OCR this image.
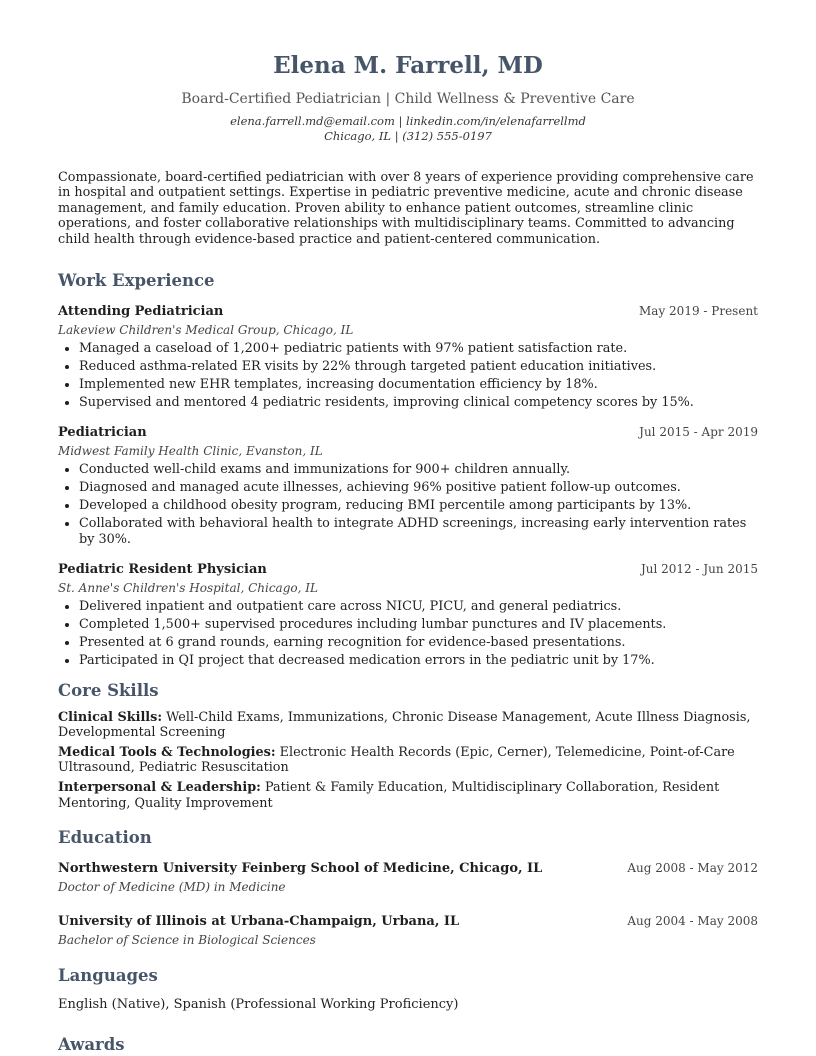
Elena M. Farrell, MD
Board-Certified Pediatrician | Child Wellness & Preventive Care
elena.farrell.md@email.com | linkedin.com/in/elenafarrellmd
Chicago, IL | (312) 555-0197
Compassionate, board-certified pediatrician with over 8 years of experience providing comprehensive care in hospital and outpatient settings. Expertise in pediatric preventive medicine, acute and chronic disease management, and family education. Proven ability to enhance patient outcomes, streamline clinic operations, and foster collaborative relationships with multidisciplinary teams. Committed to advancing child health through evidence-based practice and patient-centered communication.
Work Experience
Attending Pediatrician	May 2019 - Present
Lakeview Children's Medical Group, Chicago, IL
• Managed a caseload of 1,200+ pediatric patients with 97% patient satisfaction rate.
• Reduced asthma-related ER visits by 22% through targeted patient education initiatives.
• Implemented new EHR templates, increasing documentation efficiency by 18%.
• Supervised and mentored 4 pediatric residents, improving clinical competency scores by 15%.
Pediatrician	Jul 2015 - Apr 2019
Midwest Family Health Clinic, Evanston, IL
• Conducted well-child exams and immunizations for 900+ children annually.
• Diagnosed and managed acute illnesses, achieving 96% positive patient follow-up outcomes.
• Developed a childhood obesity program, reducing BMI percentile among participants by 13%.
• Collaborated with behavioral health to integrate ADHD screenings, increasing early intervention rates by 30%.
Pediatric Resident Physician	Jul 2012 - Jun 2015
St. Anne's Children's Hospital, Chicago, IL
• Delivered inpatient and outpatient care across NICU, PICU, and general pediatrics.
• Completed 1,500+ supervised procedures including lumbar punctures and IV placements.
• Presented at 6 grand rounds, earning recognition for evidence-based presentations.
• Participated in QI project that decreased medication errors in the pediatric unit by 17%.
Core Skills
Clinical Skills: Well-Child Exams, Immunizations, Chronic Disease Management, Acute Illness Diagnosis, Developmental Screening
Medical Tools & Technologies: Electronic Health Records (Epic, Cerner), Telemedicine, Point-of-Care Ultrasound, Pediatric Resuscitation
Interpersonal & Leadership: Patient & Family Education, Multidisciplinary Collaboration, Resident Mentoring, Quality Improvement
Education
Northwestern University Feinberg School of Medicine, Chicago, IL	Aug 2008 - May 2012
Doctor of Medicine (MD) in Medicine
University of Illinois at Urbana-Champaign, Urbana, IL	Aug 2004 - May 2008
Bachelor of Science in Biological Sciences
Languages
English (Native), Spanish (Professional Working Proficiency)
Awards
